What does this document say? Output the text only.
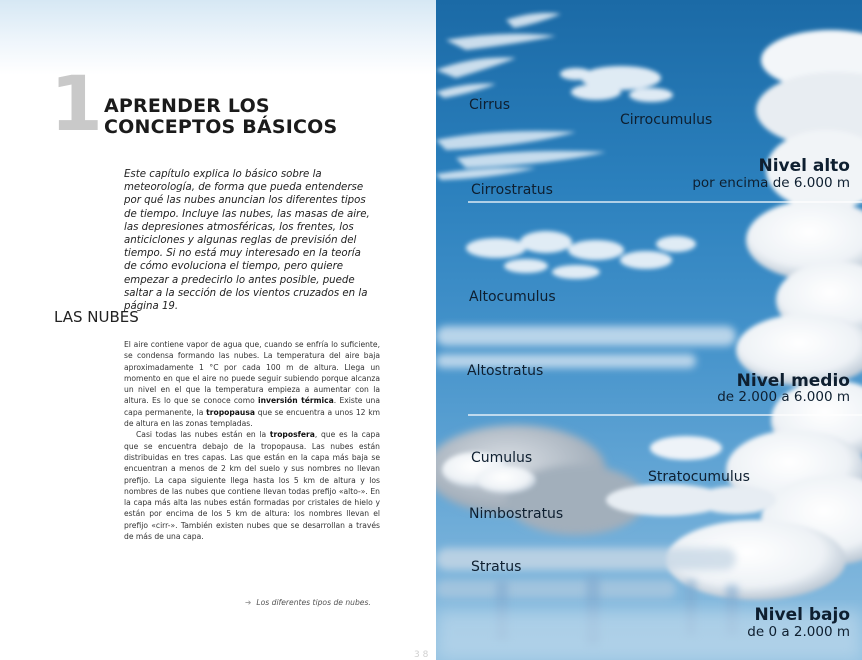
1 APRENDER LOS
CONCEPTOS BÁSICOS
Este capítulo explica lo básico sobre la meteorología, de forma que pueda entenderse por qué las nubes anuncian los diferentes tipos de tiempo. Incluye las nubes, las masas de aire, las depresiones atmosféricas, los frentes, los anticiclones y algunas reglas de previsión del tiempo. Si no está muy interesado en la teoría de cómo evoluciona el tiempo, pero quiere empezar a predecirlo lo antes posible, puede saltar a la sección de los vientos cruzados en la página 19.
LAS NUBES

El aire contiene vapor de agua que, cuando se enfría lo suficiente, se condensa formando las nubes. La temperatura del aire baja aproximadamente 1 °C por cada 100 m de altura. Llega un momento en que el aire no puede seguir subiendo porque alcanza un nivel en el que la temperatura empieza a aumentar con la altura. Es lo que se conoce como inversión térmica. Existe una capa permanente, la tropopausa que se encuentra a unos 12 km de altura en las zonas templadas.

Casi todas las nubes están en la troposfera, que es la capa que se encuentra debajo de la tropopausa. Las nubes están distribuidas en tres capas. Las que están en la capa más baja se encuentran a menos de 2 km del suelo y sus nombres no llevan prefijo. La capa siguiente llega hasta los 5 km de altura y los nombres de las nubes que contiene llevan todas prefijo «alto-». En la capa más alta las nubes están formadas por cristales de hielo y están por encima de los 5 km de altura: los nombres llevan el prefijo «cirr-». También existen nubes que se desarrollan a través de más de una capa.

➔ Los diferentes tipos de nubes.
3 8
Cirrus
Cirrocumulus
Cirrostratus
Altocumulus
Altostratus
Cumulus
Stratocumulus
Nimbostratus
Stratus
Nivel alto
por encima de 6.000 m
Nivel medio
de 2.000 a 6.000 m
Nivel bajo
de 0 a 2.000 m
